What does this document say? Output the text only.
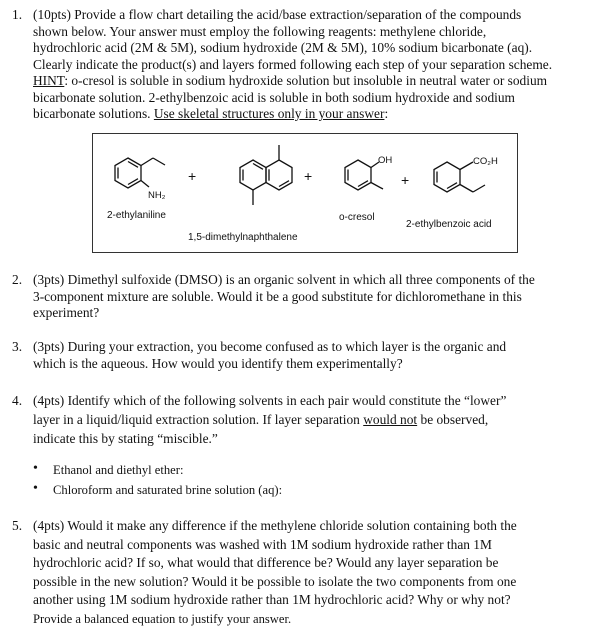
1. (10pts) Provide a flow chart detailing the acid/base extraction/separation of the compounds

shown below. Your answer must employ the following reagents: methylene chloride,

hydrochloric acid (2M & 5M), sodium hydroxide (2M & 5M), 10% sodium bicarbonate (aq).

Clearly indicate the product(s) and layers formed following each step of your separation scheme.

HINT: o-cresol is soluble in sodium hydroxide solution but insoluble in neutral water or sodium

bicarbonate solution. 2-ethylbenzoic acid is soluble in both sodium hydroxide and sodium

bicarbonate solutions. Use skeletal structures only in your answer:

NH₂
OH	CO₂H
+	+	+
2-ethylaniline
1,5-dimethylnaphthalene
o-cresol
2-ethylbenzoic acid
2. (3pts) Dimethyl sulfoxide (DMSO) is an organic solvent in which all three components of the

3-component mixture are soluble. Would it be a good substitute for dichloromethane in this

experiment?

3. (3pts) During your extraction, you become confused as to which layer is the organic and

which is the aqueous. How would you identify them experimentally?

4. (4pts) Identify which of the following solvents in each pair would constitute the “lower”

layer in a liquid/liquid extraction solution. If layer separation would not be observed,

indicate this by stating “miscible.”

• Ethanol and diethyl ether:
• Chloroform and saturated brine solution (aq):
5. (4pts) Would it make any difference if the methylene chloride solution containing both the

basic and neutral components was washed with 1M sodium hydroxide rather than 1M

hydrochloric acid? If so, what would that difference be? Would any layer separation be

possible in the new solution? Would it be possible to isolate the two components from one

another using 1M sodium hydroxide rather than 1M hydrochloric acid? Why or why not?

Provide a balanced equation to justify your answer.
